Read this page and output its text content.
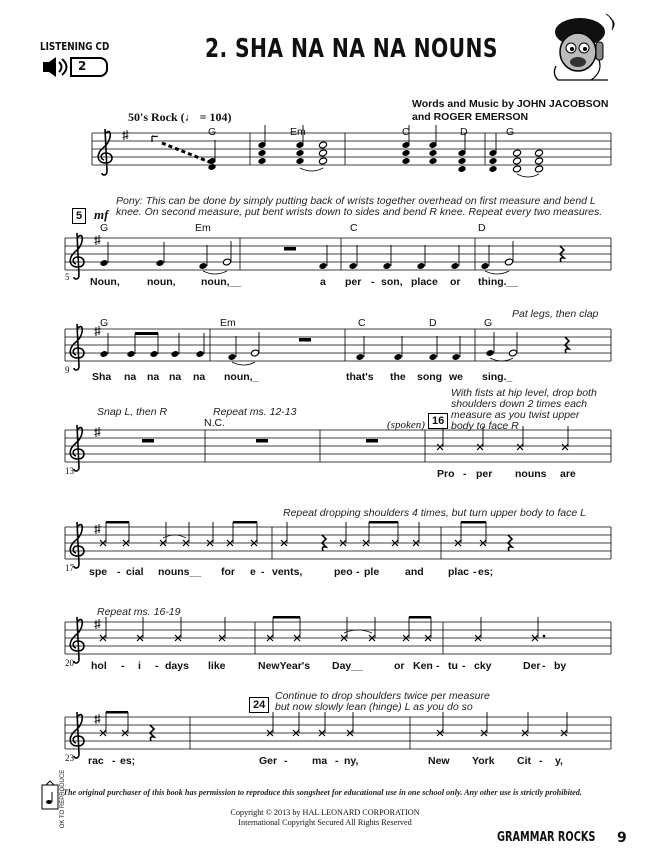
LISTENING CD
2
2. SHA NA NA NA NOUNS
Words and Music by JOHN JACOBSON
and ROGER EMERSON
50's Rock (♩ = 104)
G	Em	C	D	G
5 mf
Pony: This can be done by simply putting back of wrists together overhead on first measure and bend L knee. On second measure, put bent wrists down to sides and bend R knee. Repeat every two measures.
G	Em	C	D
5 Noun,	noun, noun,__	a per - son, place or thing.__
Pat legs, then clap
G	Em	C	D	G
9
Sha na na na na noun,_	that's the song we sing._
Snap L, then R	Repeat ms. 12-13
N.C.	(spoken) 16
With fists at hip level, drop both shoulders down 2 times each measure as you twist upper body to face R
13	Pro - per nouns are
Repeat dropping shoulders 4 times, but turn upper body to face L
17 spe - cial nouns__ for e - vents,	peo - ple and plac - es;
Repeat ms. 16-19
20 hol - i - days like	NewYear's Day__	or Ken - tu - cky	Der - by
24
Continue to drop shoulders twice per measure but now slowly lean (hinge) L as you do so
23 rac - es;	Ger - ma - ny,	New York Cit - y,
OK TO REPRODUCE
The original purchaser of this book has permission to reproduce this songsheet for educational use in one school only. Any other use is strictly prohibited.
Copyright © 2013 by HAL LEONARD CORPORATION
International Copyright Secured All Rights Reserved
GRAMMAR ROCKS 9
